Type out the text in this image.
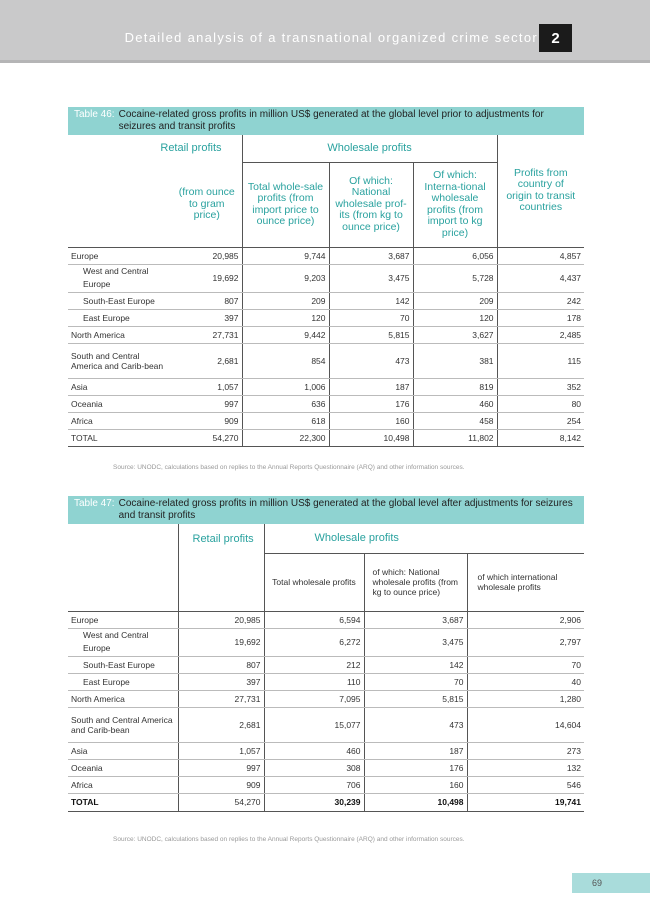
Detailed analysis of a transnational organized crime sector 2
Table 46: Cocaine-related gross profits in million US$ generated at the global level prior to adjustments for seizures and transit profits
Retail profits		Wholesale profits			Profits from country of origin to transit countries
	(from ounce to gram price)	Total whole-sale profits (from import price to ounce price)	Of which: National wholesale prof-its (from kg to ounce price)	Of which: Interna-tional wholesale profits (from import to kg price)	
Europe	20,985	9,744	3,687	6,056	4,857
West and Central Europe	19,692	9,203	3,475	5,728	4,437
South-East Europe	807	209	142	209	242
East Europe	397	120	70	120	178
North America	27,731	9,442	5,815	3,627	2,485
South and Central America and Carib-bean	2,681	854	473	381	115
Asia	1,057	1,006	187	819	352
Oceania	997	636	176	460	80
Africa	909	618	160	458	254
TOTAL	54,270	22,300	10,498	11,802	8,142
Source: UNODC, calculations based on replies to the Annual Reports Questionnaire (ARQ) and other information sources.
Table 47: Cocaine-related gross profits in million US$ generated at the global level after adjustments for seizures and transit profits
	Retail profits	Wholesale profits		
		Total wholesale profits	of which: National wholesale profits (from kg to ounce price)	of which international wholesale profits
Europe	20,985	6,594	3,687	2,906
West and Central Europe	19,692	6,272	3,475	2,797
South-East Europe	807	212	142	70
East Europe	397	110	70	40
North America	27,731	7,095	5,815	1,280
South and Central America and Carib-bean	2,681	15,077	473	14,604
Asia	1,057	460	187	273
Oceania	997	308	176	132
Africa	909	706	160	546
TOTAL	54,270	30,239	10,498	19,741
Source: UNODC, calculations based on replies to the Annual Reports Questionnaire (ARQ) and other information sources.
69
